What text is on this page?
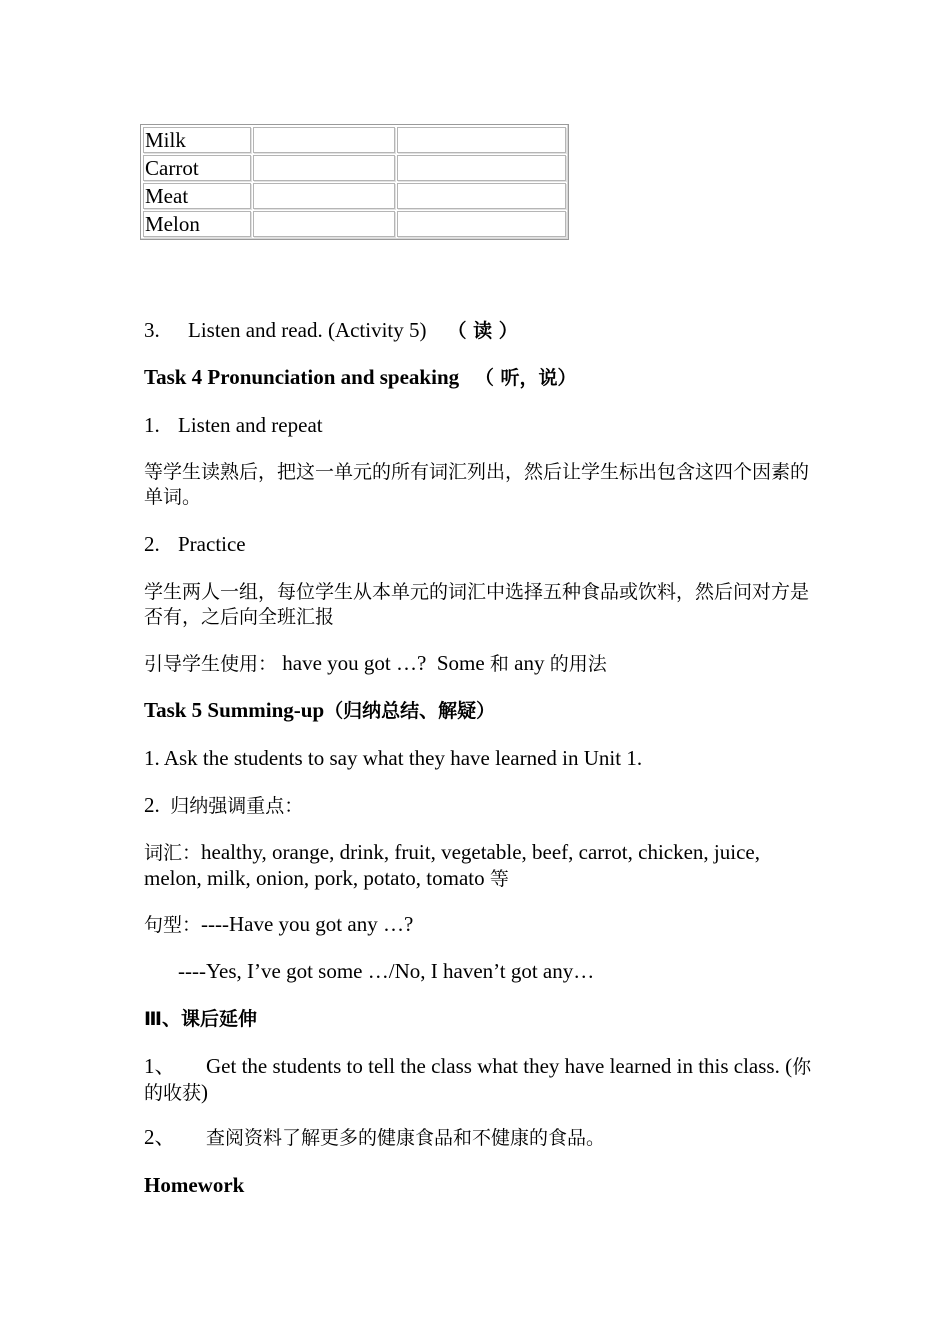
Milk		
Carrot		
Meat		
Melon		
3. Listen and read. (Activity 5) （ 读 ）
Task 4 Pronunciation and speaking （ 听，说）
1. Listen and repeat
等学生读熟后，把这一单元的所有词汇列出，然后让学生标出包含这四个因素的单词。
2. Practice
学生两人一组，每位学生从本单元的词汇中选择五种食品或饮料，然后问对方是否有，之后向全班汇报
引导学生使用： have you got …?  Some 和 any 的用法
Task 5 Summing-up（归纳总结、解疑）
1. Ask the students to say what they have learned in Unit 1.
2.  归纳强调重点：
词汇：healthy, orange, drink, fruit, vegetable, beef, carrot, chicken, juice, melon, milk, onion, pork, potato, tomato 等
句型：----Have you got any …?
----Yes, I’ve got some …/No, I haven’t got any…
Ⅲ、课后延伸
1、 Get the students to tell the class what they have learned in this class. (你的收获)
2、 查阅资料了解更多的健康食品和不健康的食品。
Homework
